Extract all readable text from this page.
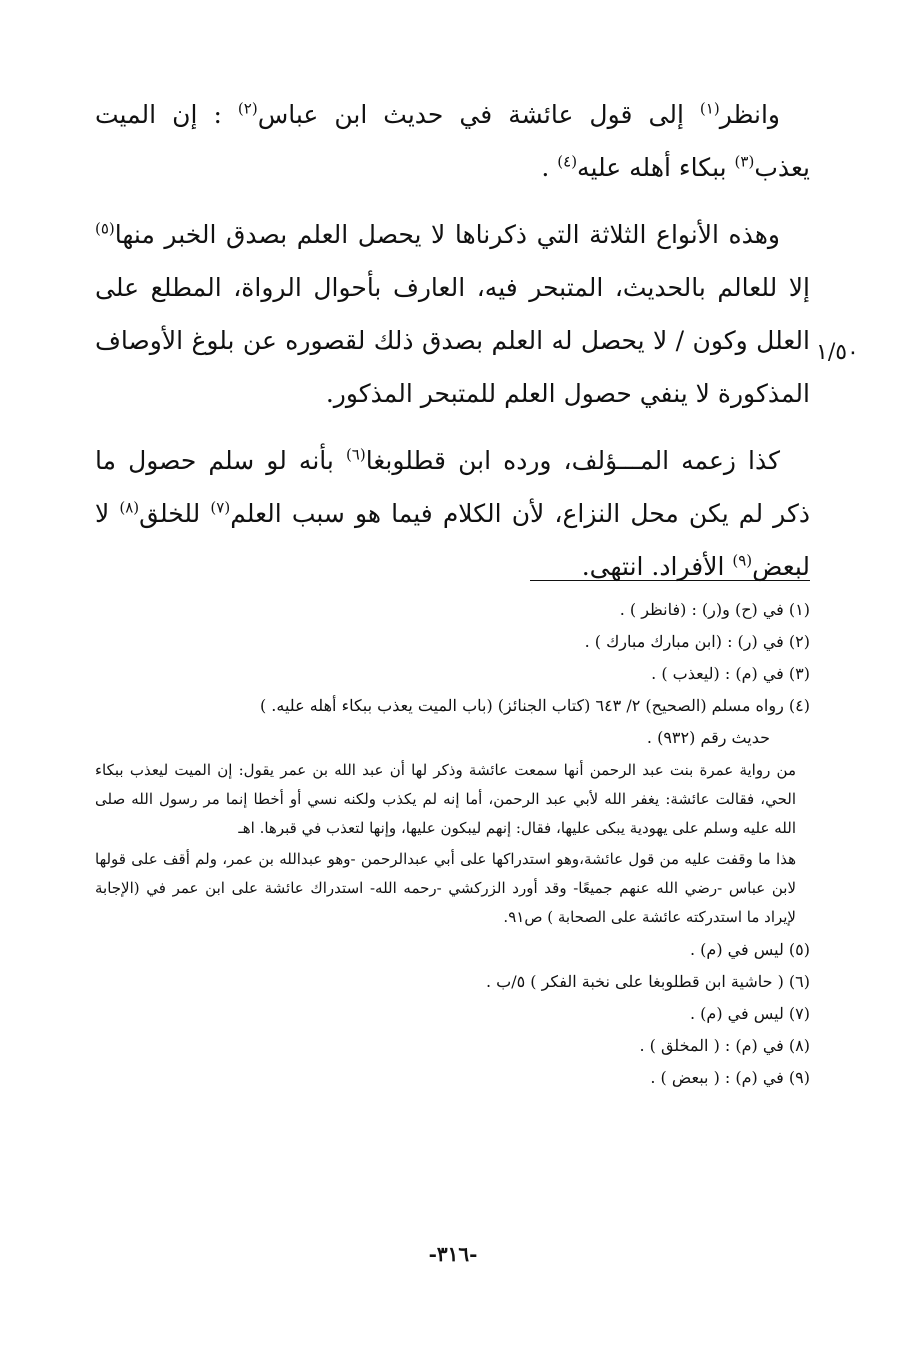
١/٥٠

وانظر$^{(١)}$ إلى قول عائشة في حديث ابن عباس$^{(٢)}$ : إن الميت يعذب$^{(٣)}$ ببكاء أهله عليه$^{(٤)}$ .

وهذه الأنواع الثلاثة التي ذكرناها لا يحصل العلم بصدق الخبر منها$^{(٥)}$ إلا للعالم بالحديث، المتبحر فيه، العارف بأحوال الرواة، المطلع على العلل وكون / لا يحصل له العلم بصدق ذلك لقصوره عن بلوغ الأوصاف المذكورة لا ينفي حصول العلم للمتبحر المذكور.

كذا زعمه المـــؤلف، ورده ابن قطلوبغا$^{(٦)}$ بأنه لو سلم حصول ما ذكر لم يكن محل النزاع، لأن الكلام فيما هو سبب العلم$^{(٧)}$ للخلق$^{(٨)}$ لا لبعض$^{(٩)}$ الأفراد. انتهى.

(١) في (ح) و(ر) : (فانظر ) .

(٢) في (ر) : (ابن مبارك مبارك ) .

(٣) في (م) : (ليعذب ) .

(٤) رواه مسلم (الصحيح) ٢/ ٦٤٣ (كتاب الجنائز) (باب الميت يعذب ببكاء أهله عليه. )

حديث رقم (٩٣٢) .

من رواية عمرة بنت عبد الرحمن أنها سمعت عائشة وذكر لها أن عبد الله بن عمر يقول: إن الميت ليعذب ببكاء الحي، فقالت عائشة: يغفر الله لأبي عبد الرحمن، أما إنه لم يكذب ولكنه نسي أو أخطا إنما مر رسول الله صلى الله عليه وسلم على يهودية يبكى عليها، فقال: إنهم ليبكون عليها، وإنها لتعذب في قبرها. اهـ

هذا ما وقفت عليه من قول عائشة،وهو استدراكها على أبي عبدالرحمن -وهو عبدالله بن عمر، ولم أقف على قولها لابن عباس -رضي الله عنهم جميعًا- وقد أورد الزركشي -رحمه الله- استدراك عائشة على ابن عمر في (الإجابة لإيراد ما استدركته عائشة على الصحابة ) ص٩١.

(٥) ليس في (م) .

(٦) ( حاشية ابن قطلوبغا على نخبة الفكر ) ٥/ب .

(٧) ليس في (م) .

(٨) في (م) : ( المخلق ) .

(٩) في (م) : ( ببعض ) .

-٣١٦-
